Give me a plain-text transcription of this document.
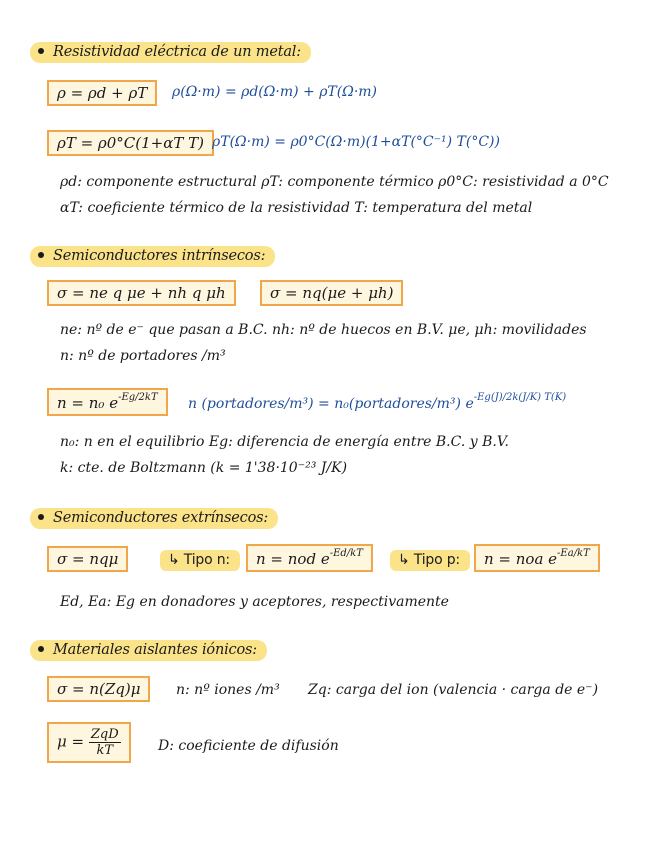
Resistividad eléctrica de un metal:
ρ = ρd + ρT	ρ(Ω·m) = ρd(Ω·m) + ρT(Ω·m)
ρT = ρ0°C(1+αT T) ρT(Ω·m) = ρ0°C(Ω·m)(1+αT(°C⁻¹) T(°C))
ρd: componente estructural ρT: componente térmico ρ0°C: resistividad a 0°C
αT: coeficiente térmico de la resistividad T: temperatura del metal
Semiconductores intrínsecos:
σ = ne q μe + nh q μh	σ = nq(μe + μh)
ne: nº de e⁻ que pasan a B.C. nh: nº de huecos en B.V. μe, μh: movilidades
n: nº de portadores /m³
n = n₀ $e^{-Eg/2kT}$	n (portadores/m³) = n₀(portadores/m³) $e^{-Eg(J)/2k(J/K) T(K)}$
n₀: n en el equilibrio Eg: diferencia de energía entre B.C. y B.V.
k: cte. de Boltzmann (k = 1'38·10⁻²³ J/K)
Semiconductores extrínsecos:
σ = nqμ	↳ Tipo n:	n = nod $e^{-Ed/kT}$	↳ Tipo p:	n = noa $e^{-Ea/kT}$
Ed, Ea: Eg en donadores y aceptores, respectivamente
Materiales aislantes iónicos:
σ = n(Zq)μ	n: nº iones /m³ Zq: carga del ion (valencia · carga de e⁻)
$\mu = \frac{\text{ZqD}}{kT}$	D: coeficiente de difusión
